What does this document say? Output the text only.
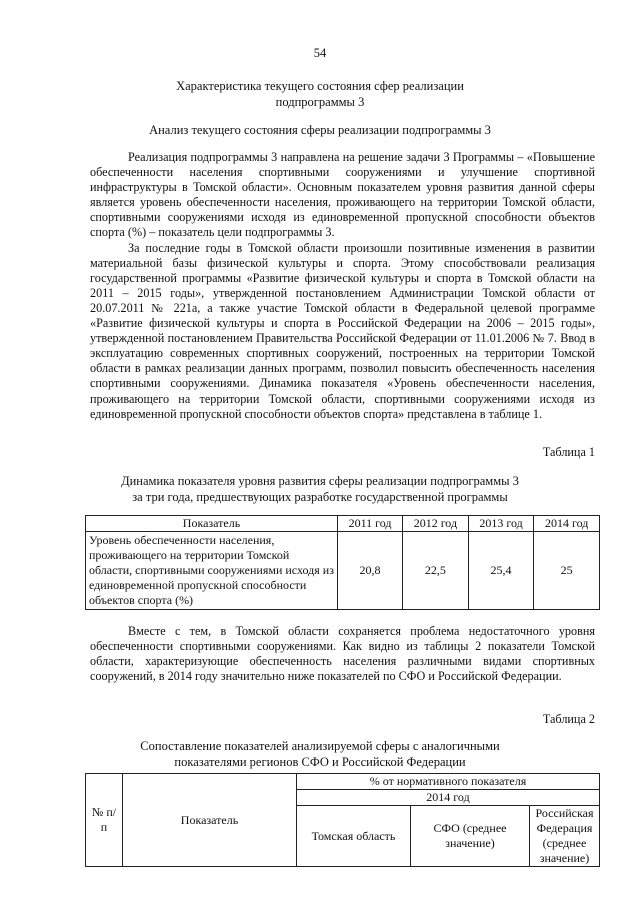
54
Характеристика текущего состояния сфер реализации
подпрограммы 3
Анализ текущего состояния сферы реализации подпрограммы 3

Реализация подпрограммы 3 направлена на решение задачи 3 Программы – «Повышение обеспеченности населения спортивными сооружениями и улучшение спортивной инфраструктуры в Томской области». Основным показателем уровня развития данной сферы является уровень обеспеченности населения, проживающего на территории Томской области, спортивными сооружениями исходя из единовременной пропускной способности объектов спорта (%) – показатель цели подпрограммы 3.

За последние годы в Томской области произошли позитивные изменения в развитии материальной базы физической культуры и спорта. Этому способствовали реализация государственной программы «Развитие физической культуры и спорта в Томской области на 2011 – 2015 годы», утвержденной постановлением Администрации Томской области от 20.07.2011 № 221а, а также участие Томской области в Федеральной целевой программе «Развитие физической культуры и спорта в Российской Федерации на 2006 – 2015 годы», утвержденной постановлением Правительства Российской Федерации от 11.01.2006 № 7. Ввод в эксплуатацию современных спортивных сооружений, построенных на территории Томской области в рамках реализации данных программ, позволил повысить обеспеченность населения спортивными сооружениями. Динамика показателя «Уровень обеспеченности населения, проживающего на территории Томской области, спортивными сооружениями исходя из единовременной пропускной способности объектов спорта» представлена в таблице 1.

Таблица 1
Динамика показателя уровня развития сферы реализации подпрограммы 3
за три года, предшествующих разработке государственной программы
Показатель	2011 год	2012 год	2013 год	2014 год
Уровень обеспеченности населения, проживающего на территории Томской области, спортивными сооружениями исходя из единовременной пропускной способности объектов спорта (%)	20,8	22,5	25,4	25

Вместе с тем, в Томской области сохраняется проблема недостаточного уровня обеспеченности спортивными сооружениями. Как видно из таблицы 2 показатели Томской области, характеризующие обеспеченность населения различными видами спортивных сооружений, в 2014 году значительно ниже показателей по СФО и Российской Федерации.

Таблица 2
Сопоставление показателей анализируемой сферы с аналогичными
показателями регионов СФО и Российской Федерации
№ п/п	Показатель	% от нормативного показателя		
		2014 год		
		Томская область	СФО (среднее значение)	Российская Федерация (среднее значение)
